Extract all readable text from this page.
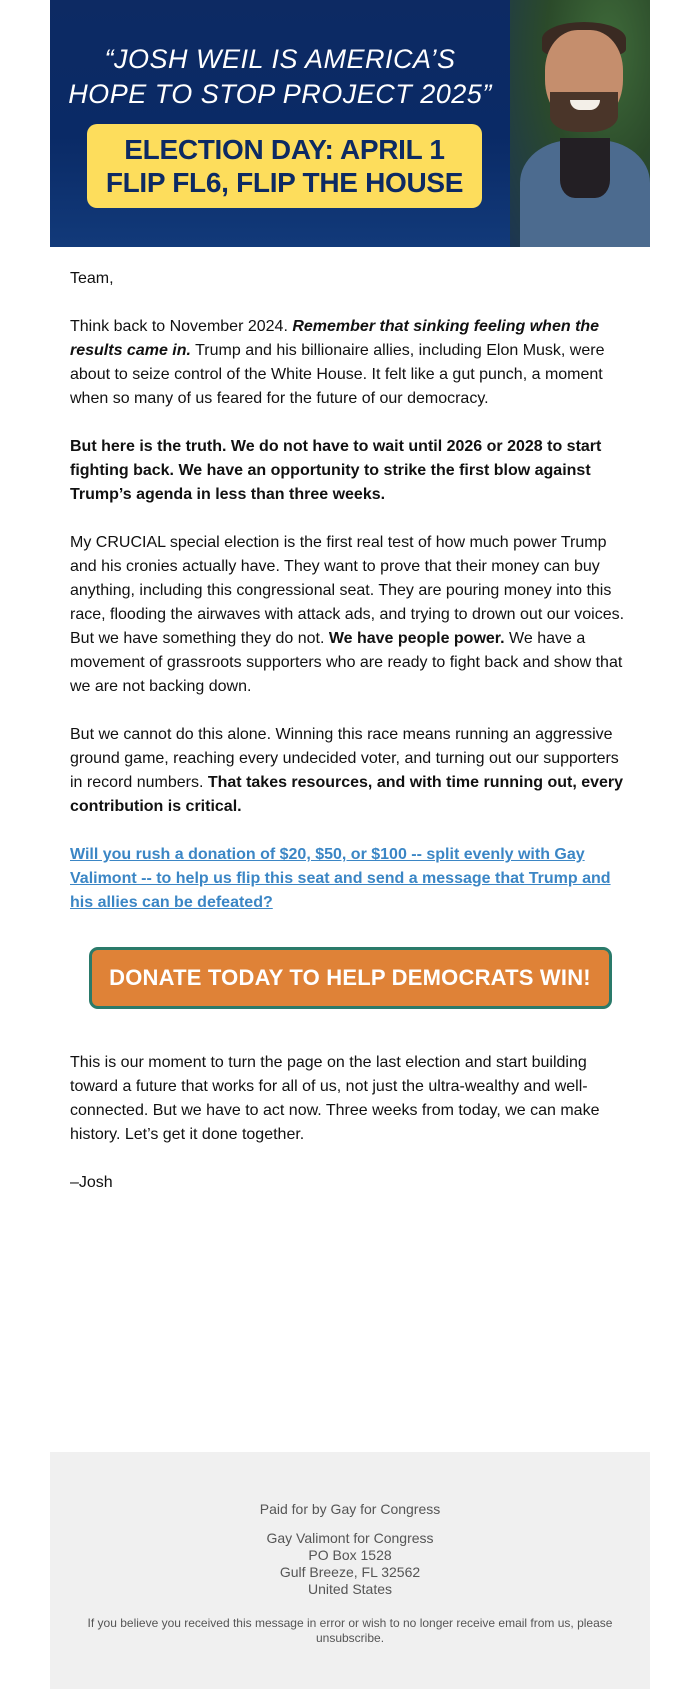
“JOSH WEIL IS AMERICA’S
HOPE TO STOP PROJECT 2025”
ELECTION DAY: APRIL 1
FLIP FL6, FLIP THE HOUSE

Team,

Think back to November 2024. Remember that sinking feeling when the results came in. Trump and his billionaire allies, including Elon Musk, were about to seize control of the White House. It felt like a gut punch, a moment when so many of us feared for the future of our democracy.

But here is the truth. We do not have to wait until 2026 or 2028 to start fighting back. We have an opportunity to strike the first blow against Trump’s agenda in less than three weeks.

My CRUCIAL special election is the first real test of how much power Trump and his cronies actually have. They want to prove that their money can buy anything, including this congressional seat. They are pouring money into this race, flooding the airwaves with attack ads, and trying to drown out our voices. But we have something they do not. We have people power. We have a movement of grassroots supporters who are ready to fight back and show that we are not backing down.

But we cannot do this alone. Winning this race means running an aggressive ground game, reaching every undecided voter, and turning out our supporters in record numbers. That takes resources, and with time running out, every contribution is critical.

Will you rush a donation of $20, $50, or $100 -- split evenly with Gay Valimont -- to help us flip this seat and send a message that Trump and his allies can be defeated?
DONATE TODAY TO HELP DEMOCRATS WIN!

This is our moment to turn the page on the last election and start building toward a future that works for all of us, not just the ultra-wealthy and well-connected. But we have to act now. Three weeks from today, we can make history. Let’s get it done together.

–Josh

Paid for by Gay for Congress
Gay Valimont for Congress
PO Box 1528
Gulf Breeze, FL 32562
United States
If you believe you received this message in error or wish to no longer receive email from us, please unsubscribe.
